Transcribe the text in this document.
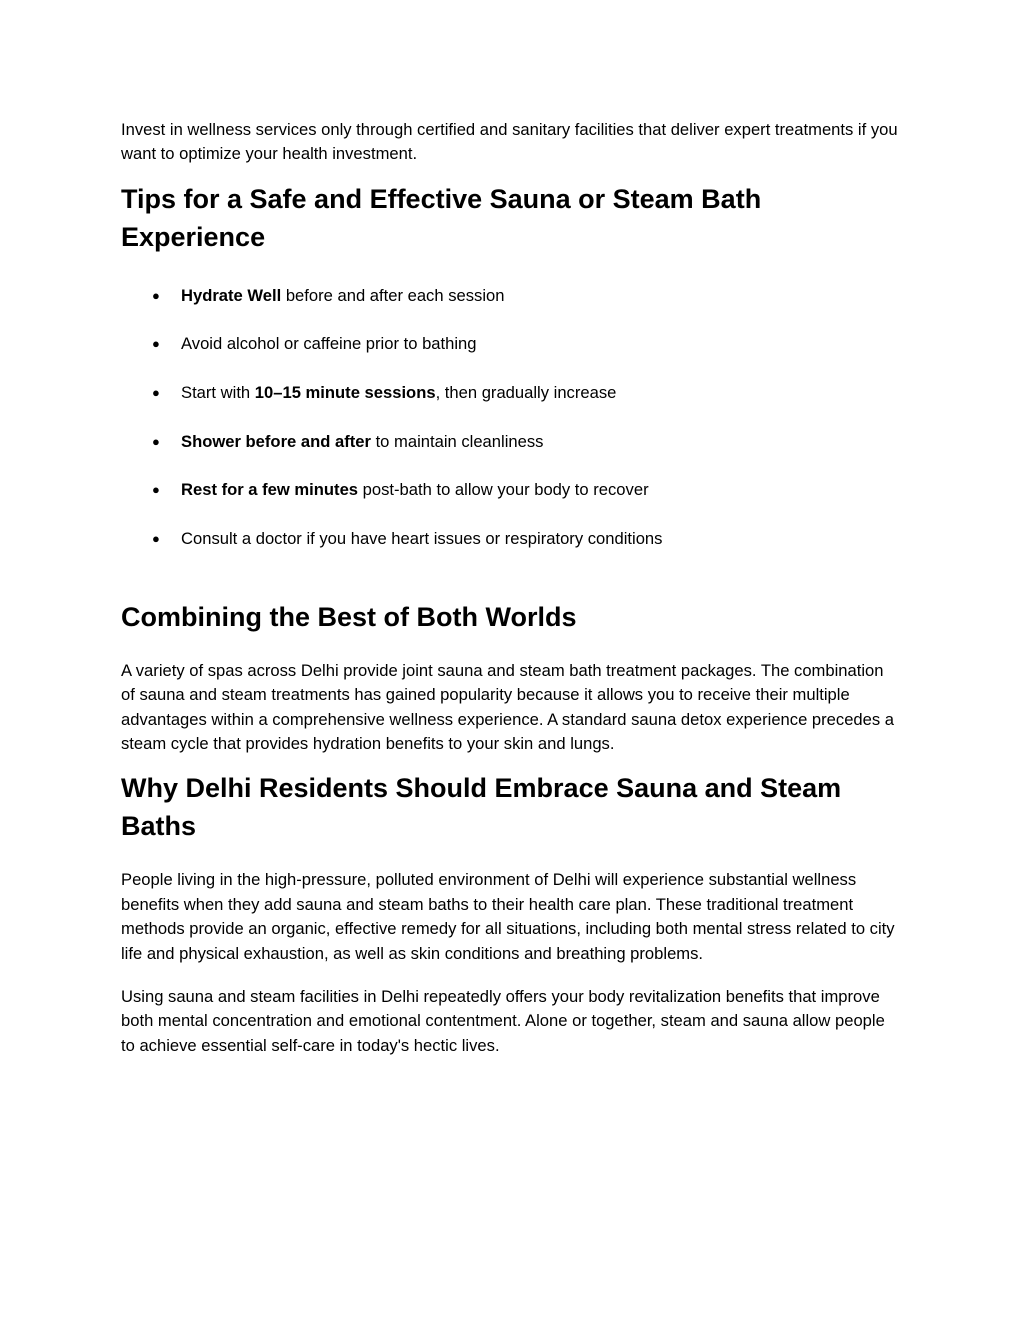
Invest in wellness services only through certified and sanitary facilities that deliver expert treatments if you want to optimize your health investment.

Tips for a Safe and Effective Sauna or Steam Bath Experience
● Hydrate Well before and after each session
● Avoid alcohol or caffeine prior to bathing
● Start with 10–15 minute sessions, then gradually increase
● Shower before and after to maintain cleanliness
● Rest for a few minutes post-bath to allow your body to recover
● Consult a doctor if you have heart issues or respiratory conditions
Combining the Best of Both Worlds

A variety of spas across Delhi provide joint sauna and steam bath treatment packages. The combination of sauna and steam treatments has gained popularity because it allows you to receive their multiple advantages within a comprehensive wellness experience. A standard sauna detox experience precedes a steam cycle that provides hydration benefits to your skin and lungs.

Why Delhi Residents Should Embrace Sauna and Steam Baths

People living in the high-pressure, polluted environment of Delhi will experience substantial wellness benefits when they add sauna and steam baths to their health care plan. These traditional treatment methods provide an organic, effective remedy for all situations, including both mental stress related to city life and physical exhaustion, as well as skin conditions and breathing problems.

Using sauna and steam facilities in Delhi repeatedly offers your body revitalization benefits that improve both mental concentration and emotional contentment. Alone or together, steam and sauna allow people to achieve essential self-care in today's hectic lives.
